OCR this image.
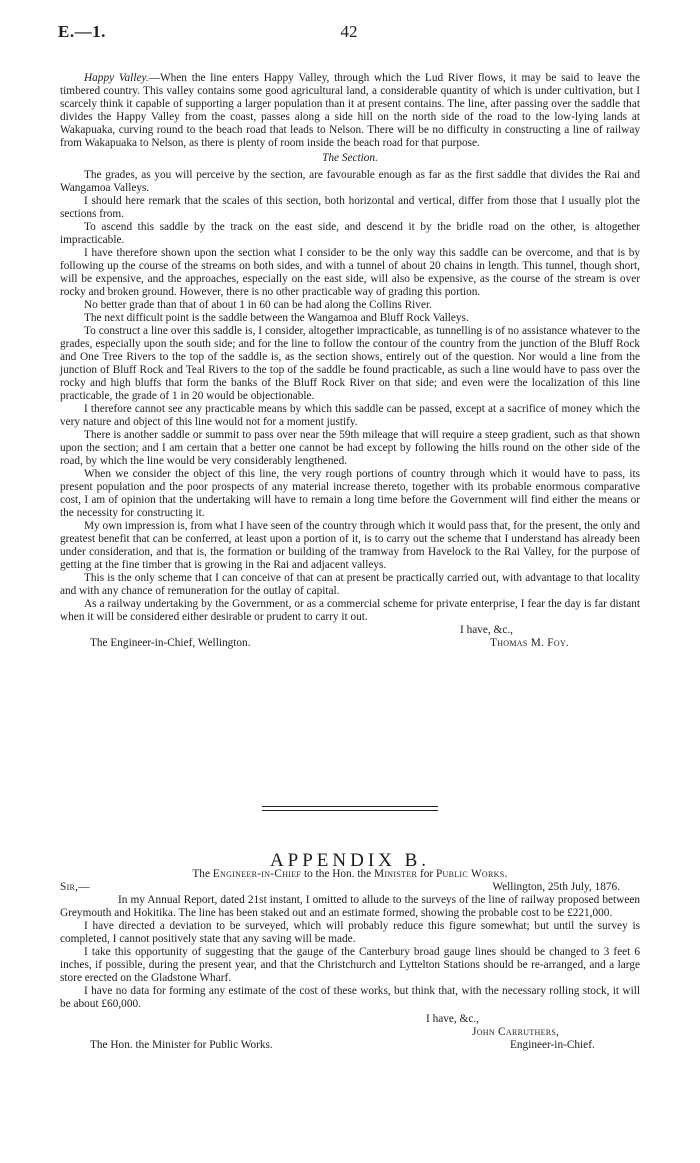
E.—1.	42

Happy Valley.—When the line enters Happy Valley, through which the Lud River flows, it may be said to leave the timbered country. This valley contains some good agricultural land, a considerable quantity of which is under cultivation, but I scarcely think it capable of supporting a larger population than it at present contains. The line, after passing over the saddle that divides the Happy Valley from the coast, passes along a side hill on the north side of the road to the low-lying lands at Wakapuaka, curving round to the beach road that leads to Nelson. There will be no difficulty in constructing a line of railway from Wakapuaka to Nelson, as there is plenty of room inside the beach road for that purpose.

The Section.

The grades, as you will perceive by the section, are favourable enough as far as the first saddle that divides the Rai and Wangamoa Valleys.

I should here remark that the scales of this section, both horizontal and vertical, differ from those that I usually plot the sections from.

To ascend this saddle by the track on the east side, and descend it by the bridle road on the other, is altogether impracticable.

I have therefore shown upon the section what I consider to be the only way this saddle can be overcome, and that is by following up the course of the streams on both sides, and with a tunnel of about 20 chains in length. This tunnel, though short, will be expensive, and the approaches, especially on the east side, will also be expensive, as the course of the stream is over rocky and broken ground. However, there is no other practicable way of grading this portion.

No better grade than that of about 1 in 60 can be had along the Collins River.

The next difficult point is the saddle between the Wangamoa and Bluff Rock Valleys.

To construct a line over this saddle is, I consider, altogether impracticable, as tunnelling is of no assistance whatever to the grades, especially upon the south side; and for the line to follow the contour of the country from the junction of the Bluff Rock and One Tree Rivers to the top of the saddle is, as the section shows, entirely out of the question. Nor would a line from the junction of Bluff Rock and Teal Rivers to the top of the saddle be found practicable, as such a line would have to pass over the rocky and high bluffs that form the banks of the Bluff Rock River on that side; and even were the localization of this line practicable, the grade of 1 in 20 would be objectionable.

I therefore cannot see any practicable means by which this saddle can be passed, except at a sacrifice of money which the very nature and object of this line would not for a moment justify.

There is another saddle or summit to pass over near the 59th mileage that will require a steep gradient, such as that shown upon the section; and I am certain that a better one cannot be had except by following the hills round on the other side of the road, by which the line would be very considerably lengthened.

When we consider the object of this line, the very rough portions of country through which it would have to pass, its present population and the poor prospects of any material increase thereto, together with its probable enormous comparative cost, I am of opinion that the undertaking will have to remain a long time before the Government will find either the means or the necessity for constructing it.

My own impression is, from what I have seen of the country through which it would pass that, for the present, the only and greatest benefit that can be conferred, at least upon a portion of it, is to carry out the scheme that I understand has already been under consideration, and that is, the formation or building of the tramway from Havelock to the Rai Valley, for the purpose of getting at the fine timber that is growing in the Rai and adjacent valleys.

This is the only scheme that I can conceive of that can at present be practically carried out, with advantage to that locality and with any chance of remuneration for the outlay of capital.

As a railway undertaking by the Government, or as a commercial scheme for private enterprise, I fear the day is far distant when it will be considered either desirable or prudent to carry it out.

I have, &c.,
The Engineer-in-Chief, Wellington.	Thomas M. Foy.
APPENDIX B.

The Engineer-in-Chief to the Hon. the Minister for Public Works.

Sir,—	Wellington, 25th July, 1876.

In my Annual Report, dated 21st instant, I omitted to allude to the surveys of the line of railway proposed between Greymouth and Hokitika. The line has been staked out and an estimate formed, showing the probable cost to be £221,000.

I have directed a deviation to be surveyed, which will probably reduce this figure somewhat; but until the survey is completed, I cannot positively state that any saving will be made.

I take this opportunity of suggesting that the gauge of the Canterbury broad gauge lines should be changed to 3 feet 6 inches, if possible, during the present year, and that the Christchurch and Lyttelton Stations should be re-arranged, and a large store erected on the Gladstone Wharf.

I have no data for forming any estimate of the cost of these works, but think that, with the necessary rolling stock, it will be about £60,000.

I have, &c.,
John Carruthers,
The Hon. the Minister for Public Works.	Engineer-in-Chief.
